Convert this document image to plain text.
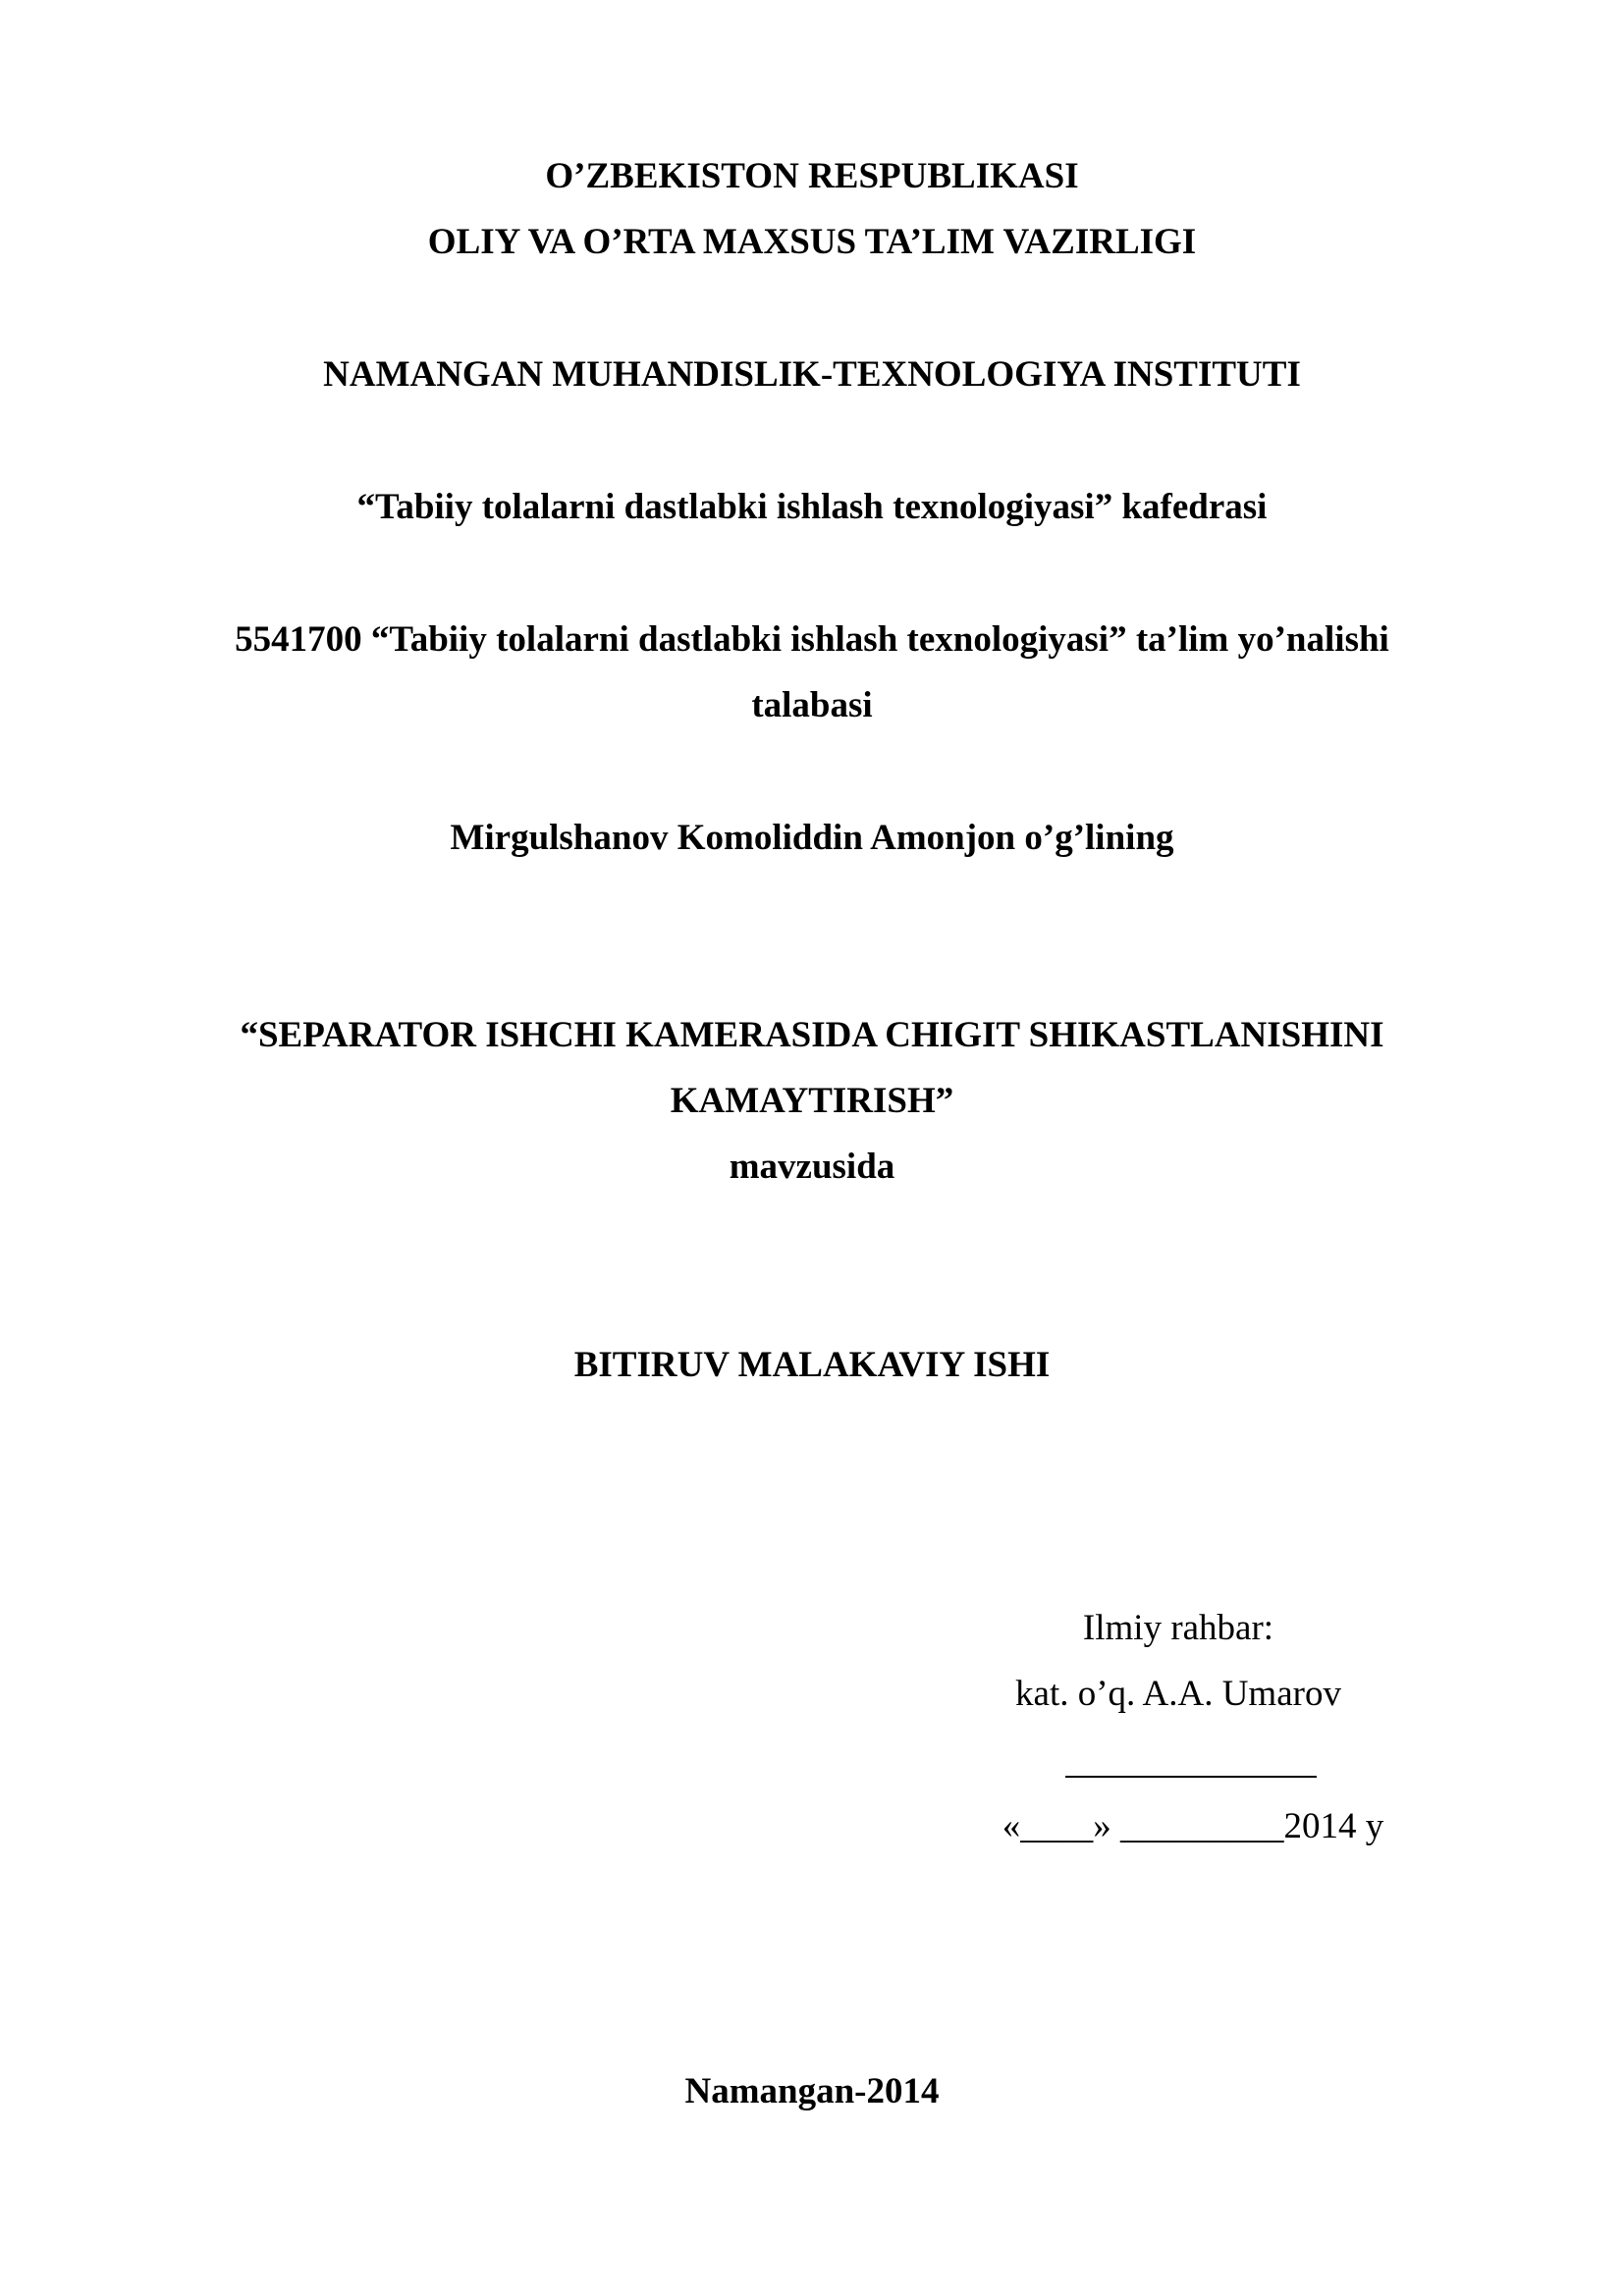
O’ZBEKISTON RESPUBLIKASI
OLIY VA O’RTA MAXSUS TA’LIM VAZIRLIGI
NAMANGAN MUHANDISLIK-TEXNOLOGIYA INSTITUTI
“Tabiiy tolalarni dastlabki ishlash texnologiyasi” kafedrasi
5541700 “Tabiiy tolalarni dastlabki ishlash texnologiyasi” ta’lim yo’nalishi
talabasi
Mirgulshanov Komoliddin Amonjon o’g’lining
“SEPARATOR ISHCHI KAMERASIDA CHIGIT SHIKASTLANISHINI
KAMAYTIRISH”
mavzusida
BITIRUV MALAKAVIY ISHI
Ilmiy rahbar:
kat. o’q. A.A. Umarov
«____» _________2014 y
Namangan-2014
